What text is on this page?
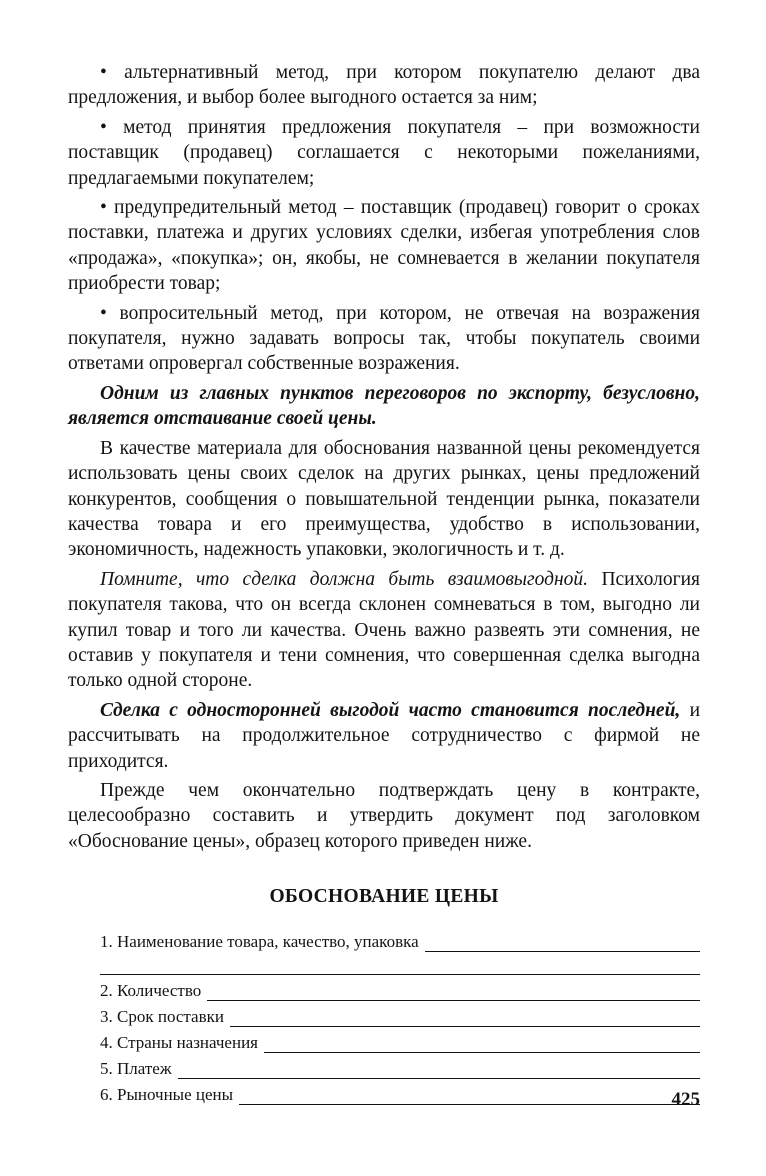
• альтернативный метод, при котором покупателю делают два предложения, и выбор более выгодного остается за ним;

• метод принятия предложения покупателя – при возможности поставщик (продавец) соглашается с некоторыми пожеланиями, предлагаемыми покупателем;

• предупредительный метод – поставщик (продавец) говорит о сроках поставки, платежа и других условиях сделки, избегая употребления слов «продажа», «покупка»; он, якобы, не сомневается в желании покупателя приобрести товар;

• вопросительный метод, при котором, не отвечая на возражения покупателя, нужно задавать вопросы так, чтобы покупатель своими ответами опровергал собственные возражения.

Одним из главных пунктов переговоров по экспорту, безусловно, является отстаивание своей цены.

В качестве материала для обоснования названной цены рекомендуется использовать цены своих сделок на других рынках, цены предложений конкурентов, сообщения о повышательной тенденции рынка, показатели качества товара и его преимущества, удобство в использовании, экономичность, надежность упаковки, экологичность и т. д.

Помните, что сделка должна быть взаимовыгодной. Психология покупателя такова, что он всегда склонен сомневаться в том, выгодно ли купил товар и того ли качества. Очень важно развеять эти сомнения, не оставив у покупателя и тени сомнения, что совершенная сделка выгодна только одной стороне.

Сделка с односторонней выгодой часто становится последней, и рассчитывать на продолжительное сотрудничество с фирмой не приходится.

Прежде чем окончательно подтверждать цену в контракте, целесообразно составить и утвердить документ под заголовком «Обоснование цены», образец которого приведен ниже.

ОБОСНОВАНИЕ ЦЕНЫ
1. Наименование товара, качество, упаковка
2. Количество
3. Срок поставки
4. Страны назначения
5. Платеж
6. Рыночные цены	425
